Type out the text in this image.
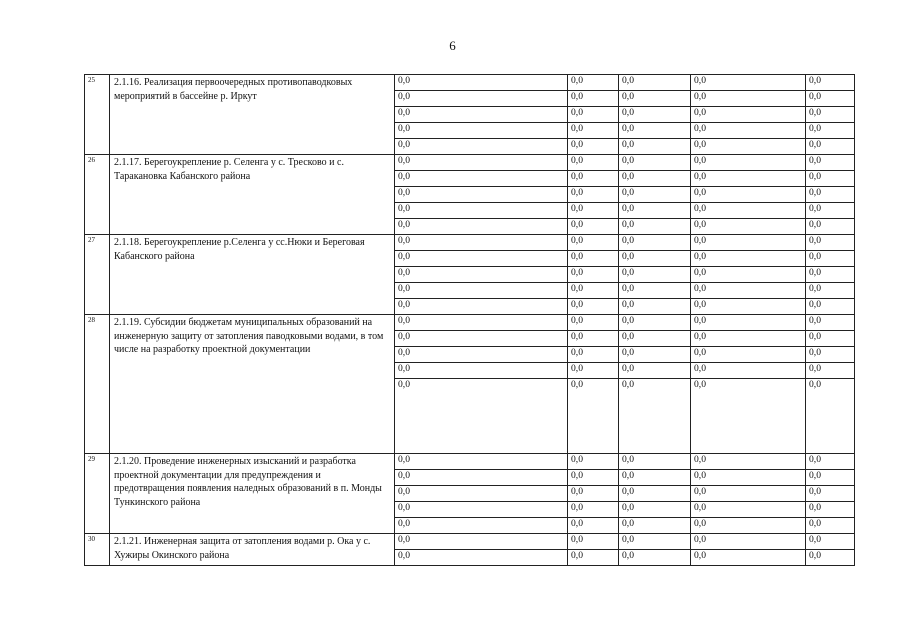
6
25	2.1.16. Реализация первоочередных противопаводковых мероприятий в бассейне р. Иркут	0,0	0,0	0,0	0,0	0,0
		0,0	0,0	0,0	0,0	0,0
		0,0	0,0	0,0	0,0	0,0
		0,0	0,0	0,0	0,0	0,0
		0,0	0,0	0,0	0,0	0,0
26	2.1.17. Берегоукрепление р. Селенга у с. Тресково и с. Таракановка Кабанского района	0,0	0,0	0,0	0,0	0,0
		0,0	0,0	0,0	0,0	0,0
		0,0	0,0	0,0	0,0	0,0
		0,0	0,0	0,0	0,0	0,0
		0,0	0,0	0,0	0,0	0,0
27	2.1.18. Берегоукрепление р.Селенга у сс.Нюки и Береговая Кабанского района	0,0	0,0	0,0	0,0	0,0
		0,0	0,0	0,0	0,0	0,0
		0,0	0,0	0,0	0,0	0,0
		0,0	0,0	0,0	0,0	0,0
		0,0	0,0	0,0	0,0	0,0
28	2.1.19. Субсидии бюджетам муниципальных образований на инженерную защиту от затопления паводковыми водами, в том числе на разработку проектной документации	0,0	0,0	0,0	0,0	0,0
		0,0	0,0	0,0	0,0	0,0
		0,0	0,0	0,0	0,0	0,0
		0,0	0,0	0,0	0,0	0,0
		0,0	0,0	0,0	0,0	0,0
29	2.1.20. Проведение инженерных изысканий и разработка проектной документации для предупреждения и предотвращения появления наледных образований в п. Монды Тункинского района	0,0	0,0	0,0	0,0	0,0
		0,0	0,0	0,0	0,0	0,0
		0,0	0,0	0,0	0,0	0,0
		0,0	0,0	0,0	0,0	0,0
		0,0	0,0	0,0	0,0	0,0
30	2.1.21. Инженерная защита от затопления водами р. Ока у с. Хужиры Окинского района	0,0	0,0	0,0	0,0	0,0
		0,0	0,0	0,0	0,0	0,0
